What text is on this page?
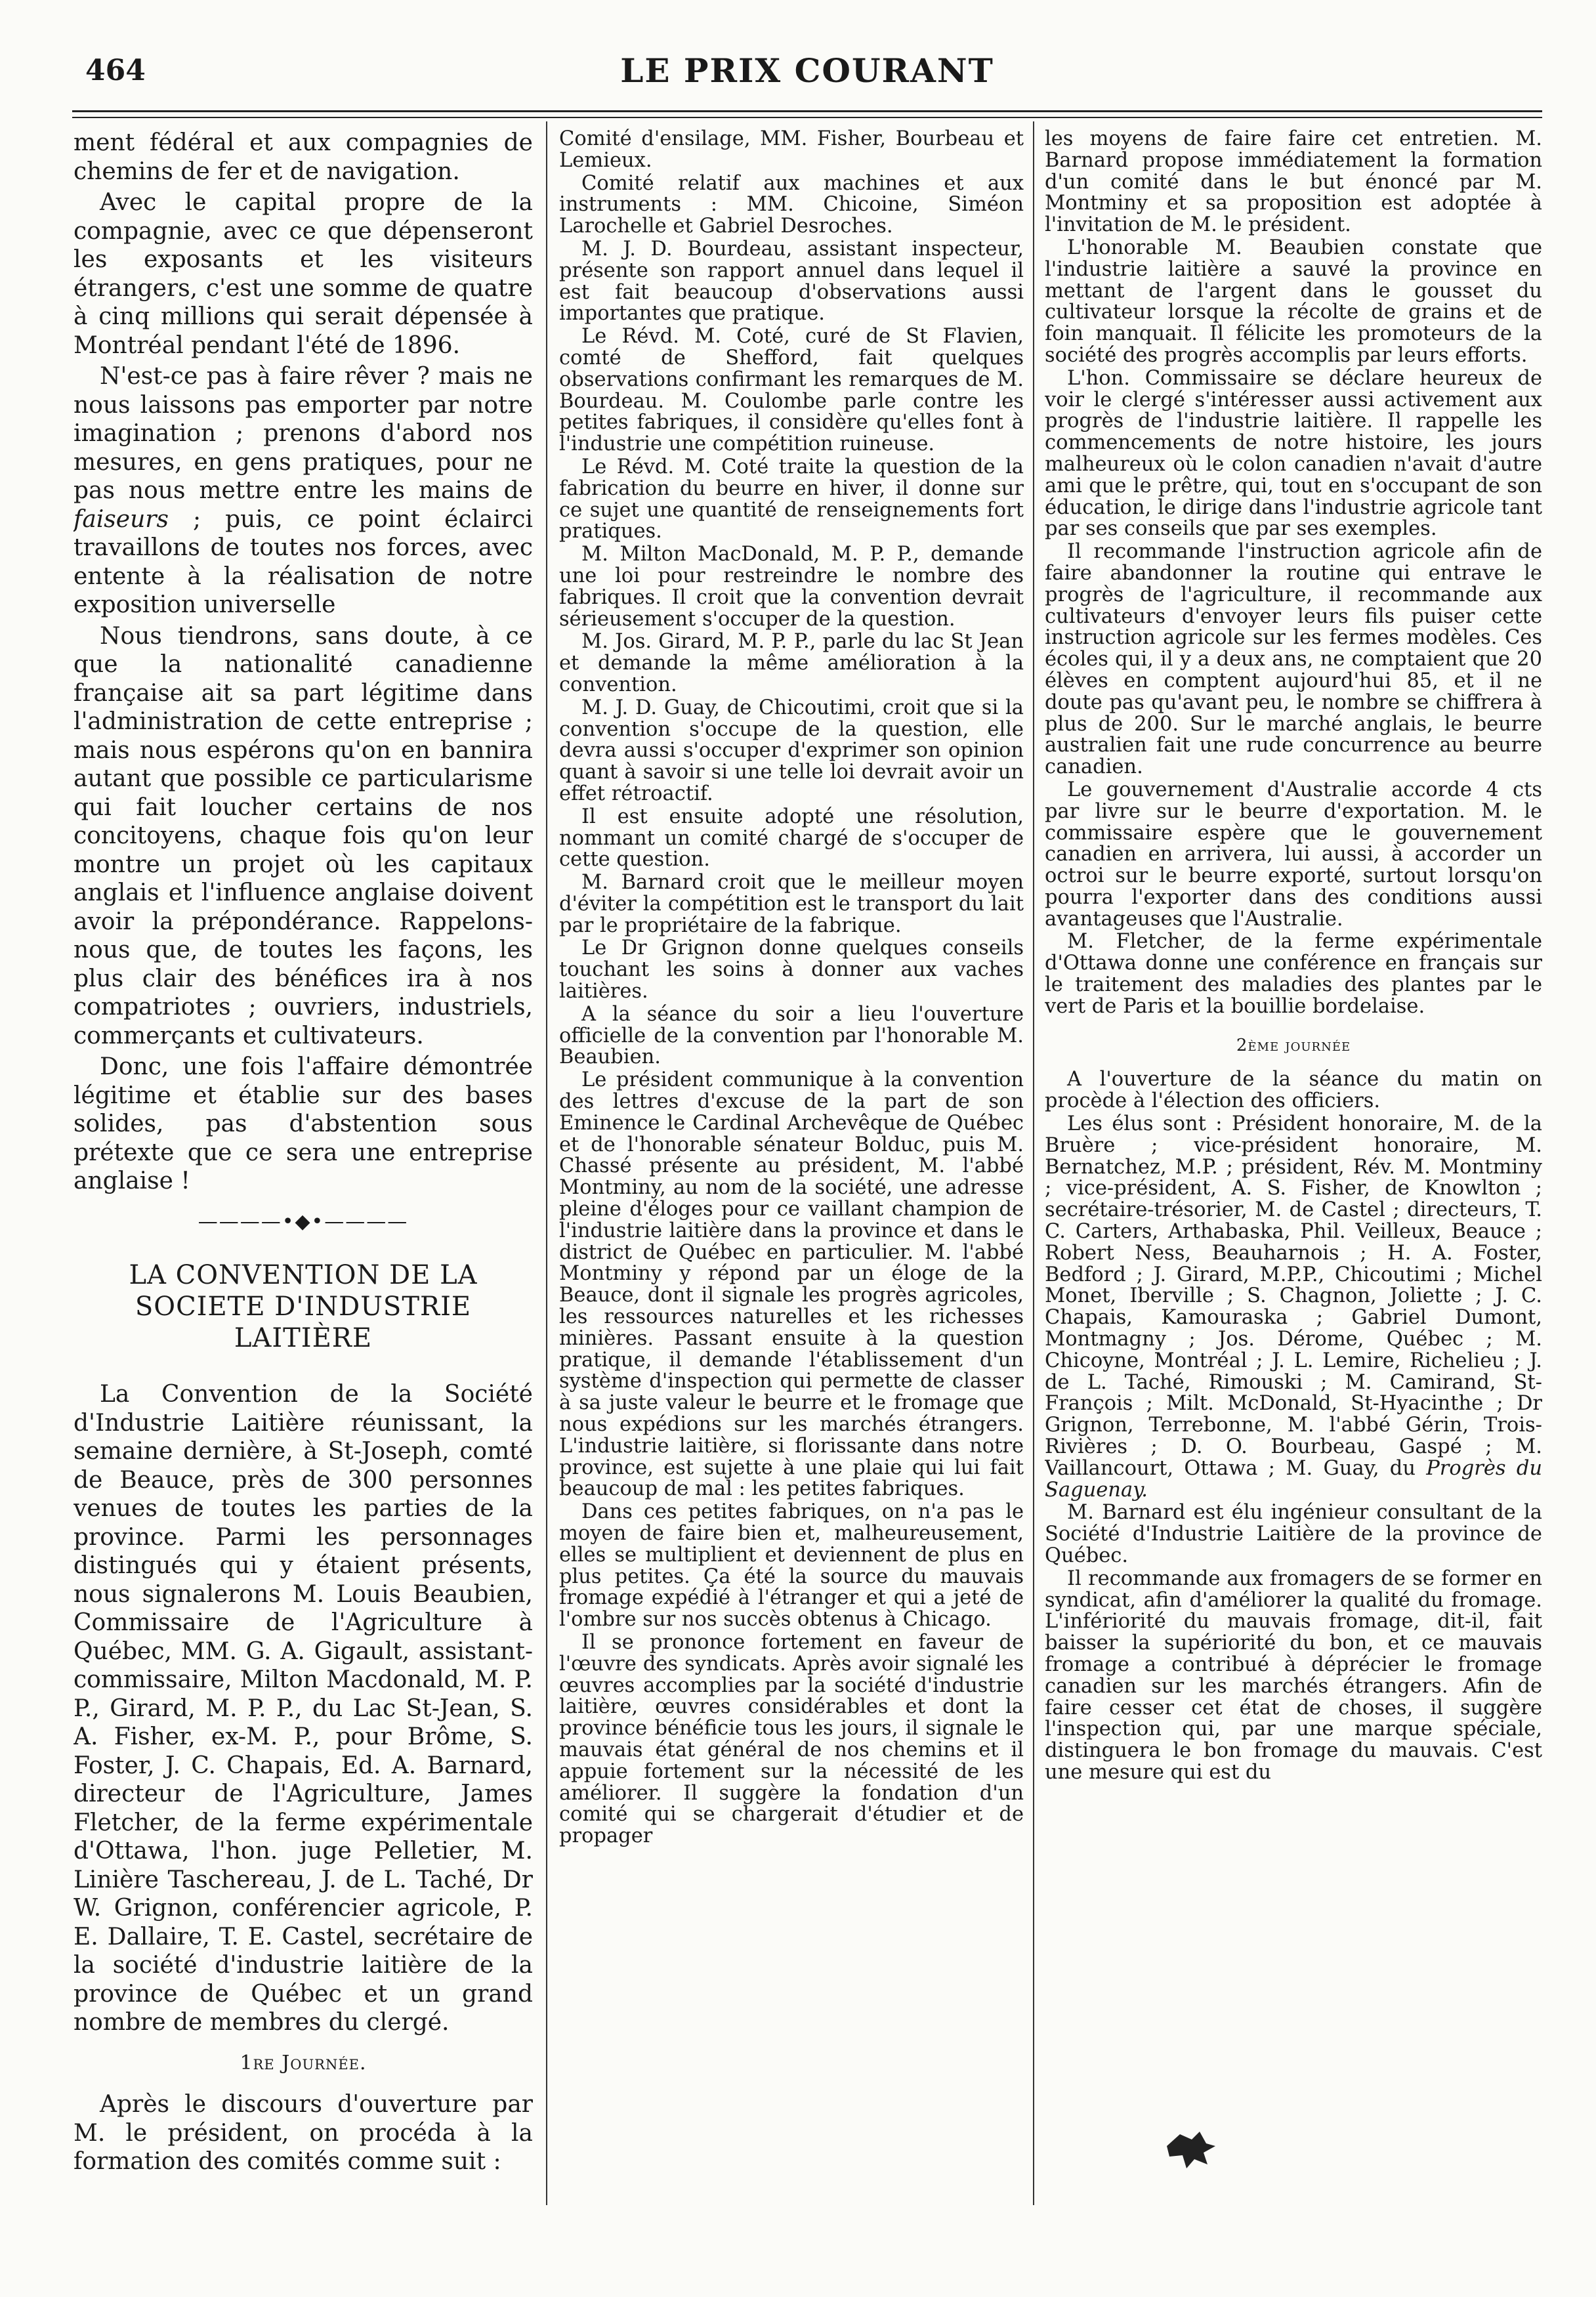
464	LE PRIX COURANT

ment fédéral et aux compagnies de chemins de fer et de navigation.

Avec le capital propre de la compagnie, avec ce que dépenseront les exposants et les visiteurs étrangers, c'est une somme de quatre à cinq millions qui serait dépensée à Montréal pendant l'été de 1896.

N'est-ce pas à faire rêver ? mais ne nous laissons pas emporter par notre imagination ; prenons d'abord nos mesures, en gens pratiques, pour ne pas nous mettre entre les mains de faiseurs ; puis, ce point éclairci travaillons de toutes nos forces, avec entente à la réalisation de notre exposition universelle

Nous tiendrons, sans doute, à ce que la nationalité canadienne française ait sa part légitime dans l'administration de cette entreprise ; mais nous espérons qu'on en bannira autant que possible ce particularisme qui fait loucher certains de nos concitoyens, chaque fois qu'on leur montre un projet où les capitaux anglais et l'influence anglaise doivent avoir la prépondérance. Rappelons-nous que, de toutes les façons, les plus clair des bénéfices ira à nos compatriotes ; ouvriers, industriels, commerçants et cultivateurs.

Donc, une fois l'affaire démontrée légitime et établie sur des bases solides, pas d'abstention sous prétexte que ce sera une entreprise anglaise !

————•◆•————
LA CONVENTION DE LA
SOCIETE D'INDUSTRIE
LAITIÈRE

La Convention de la Société d'Industrie Laitière réunissant, la semaine dernière, à St-Joseph, comté de Beauce, près de 300 personnes venues de toutes les parties de la province. Parmi les personnages distingués qui y étaient présents, nous signalerons M. Louis Beaubien, Commissaire de l'Agriculture à Québec, MM. G. A. Gigault, assistant-commissaire, Milton Macdonald, M. P. P., Girard, M. P. P., du Lac St-Jean, S. A. Fisher, ex-M. P., pour Brôme, S. Foster, J. C. Chapais, Ed. A. Barnard, directeur de l'Agriculture, James Fletcher, de la ferme expérimentale d'Ottawa, l'hon. juge Pelletier, M. Linière Taschereau, J. de L. Taché, Dr W. Grignon, conférencier agricole, P. E. Dallaire, T. E. Castel, secrétaire de la société d'industrie laitière de la province de Québec et un grand nombre de membres du clergé.

1re Journée.

Après le discours d'ouverture par M. le président, on procéda à la formation des comités comme suit :

Comité d'ensilage, MM. Fisher, Bourbeau et Lemieux.

Comité relatif aux machines et aux instruments : MM. Chicoine, Siméon Larochelle et Gabriel Desroches.

M. J. D. Bourdeau, assistant inspecteur, présente son rapport annuel dans lequel il est fait beaucoup d'observations aussi importantes que pratique.

Le Révd. M. Coté, curé de St Flavien, comté de Shefford, fait quelques observations confirmant les remarques de M. Bourdeau. M. Coulombe parle contre les petites fabriques, il considère qu'elles font à l'industrie une compétition ruineuse.

Le Révd. M. Coté traite la question de la fabrication du beurre en hiver, il donne sur ce sujet une quantité de renseignements fort pratiques.

M. Milton MacDonald, M. P. P., demande une loi pour restreindre le nombre des fabriques. Il croit que la convention devrait sérieusement s'occuper de la question.

M. Jos. Girard, M. P. P., parle du lac St Jean et demande la même amélioration à la convention.

M. J. D. Guay, de Chicoutimi, croit que si la convention s'occupe de la question, elle devra aussi s'occuper d'exprimer son opinion quant à savoir si une telle loi devrait avoir un effet rétroactif.

Il est ensuite adopté une résolution, nommant un comité chargé de s'occuper de cette question.

M. Barnard croit que le meilleur moyen d'éviter la compétition est le transport du lait par le propriétaire de la fabrique.

Le Dr Grignon donne quelques conseils touchant les soins à donner aux vaches laitières.

A la séance du soir a lieu l'ouverture officielle de la convention par l'honorable M. Beaubien.

Le président communique à la convention des lettres d'excuse de la part de son Eminence le Cardinal Archevêque de Québec et de l'honorable sénateur Bolduc, puis M. Chassé présente au président, M. l'abbé Montminy, au nom de la société, une adresse pleine d'éloges pour ce vaillant champion de l'industrie laitière dans la province et dans le district de Québec en particulier. M. l'abbé Montminy y répond par un éloge de la Beauce, dont il signale les progrès agricoles, les ressources naturelles et les richesses minières. Passant ensuite à la question pratique, il demande l'établissement d'un système d'inspection qui permette de classer à sa juste valeur le beurre et le fromage que nous expédions sur les marchés étrangers. L'industrie laitière, si florissante dans notre province, est sujette à une plaie qui lui fait beaucoup de mal : les petites fabriques.

Dans ces petites fabriques, on n'a pas le moyen de faire bien et, malheureusement, elles se multiplient et deviennent de plus en plus petites. Ça été la source du mauvais fromage expédié à l'étranger et qui a jeté de l'ombre sur nos succès obtenus à Chicago.

Il se prononce fortement en faveur de l'œuvre des syndicats. Après avoir signalé les œuvres accomplies par la société d'industrie laitière, œuvres considérables et dont la province bénéficie tous les jours, il signale le mauvais état général de nos chemins et il appuie fortement sur la nécessité de les améliorer. Il suggère la fondation d'un comité qui se chargerait d'étudier et de propager

les moyens de faire faire cet entretien. M. Barnard propose immédiatement la formation d'un comité dans le but énoncé par M. Montminy et sa proposition est adoptée à l'invitation de M. le président.

L'honorable M. Beaubien constate que l'industrie laitière a sauvé la province en mettant de l'argent dans le gousset du cultivateur lorsque la récolte de grains et de foin manquait. Il félicite les promoteurs de la société des progrès accomplis par leurs efforts.

L'hon. Commissaire se déclare heureux de voir le clergé s'intéresser aussi activement aux progrès de l'industrie laitière. Il rappelle les commencements de notre histoire, les jours malheureux où le colon canadien n'avait d'autre ami que le prêtre, qui, tout en s'occupant de son éducation, le dirige dans l'industrie agricole tant par ses conseils que par ses exemples.

Il recommande l'instruction agricole afin de faire abandonner la routine qui entrave le progrès de l'agriculture, il recommande aux cultivateurs d'envoyer leurs fils puiser cette instruction agricole sur les fermes modèles. Ces écoles qui, il y a deux ans, ne comptaient que 20 élèves en comptent aujourd'hui 85, et il ne doute pas qu'avant peu, le nombre se chiffrera à plus de 200. Sur le marché anglais, le beurre australien fait une rude concurrence au beurre canadien.

Le gouvernement d'Australie accorde 4 cts par livre sur le beurre d'exportation. M. le commissaire espère que le gouvernement canadien en arrivera, lui aussi, à accorder un octroi sur le beurre exporté, surtout lorsqu'on pourra l'exporter dans des conditions aussi avantageuses que l'Australie.

M. Fletcher, de la ferme expérimentale d'Ottawa donne une conférence en français sur le traitement des maladies des plantes par le vert de Paris et la bouillie bordelaise.

2ème journée

A l'ouverture de la séance du matin on procède à l'élection des officiers.

Les élus sont : Président honoraire, M. de la Bruère ; vice-président honoraire, M. Bernatchez, M.P. ; président, Rév. M. Montminy ; vice-président, A. S. Fisher, de Knowlton ; secrétaire-trésorier, M. de Castel ; directeurs, T. C. Carters, Arthabaska, Phil. Veilleux, Beauce ; Robert Ness, Beauharnois ; H. A. Foster, Bedford ; J. Girard, M.P.P., Chicoutimi ; Michel Monet, Iberville ; S. Chagnon, Joliette ; J. C. Chapais, Kamouraska ; Gabriel Dumont, Montmagny ; Jos. Dérome, Québec ; M. Chicoyne, Montréal ; J. L. Lemire, Richelieu ; J. de L. Taché, Rimouski ; M. Camirand, St-François ; Milt. McDonald, St-Hyacinthe ; Dr Grignon, Terrebonne, M. l'abbé Gérin, Trois-Rivières ; D. O. Bourbeau, Gaspé ; M. Vaillancourt, Ottawa ; M. Guay, du Progrès du Saguenay.

M. Barnard est élu ingénieur consultant de la Société d'Industrie Laitière de la province de Québec.

Il recommande aux fromagers de se former en syndicat, afin d'améliorer la qualité du fromage. L'infériorité du mauvais fromage, dit-il, fait baisser la supériorité du bon, et ce mauvais fromage a contribué à déprécier le fromage canadien sur les marchés étrangers. Afin de faire cesser cet état de choses, il suggère l'inspection qui, par une marque spéciale, distinguera le bon fromage du mauvais. C'est une mesure qui est du
